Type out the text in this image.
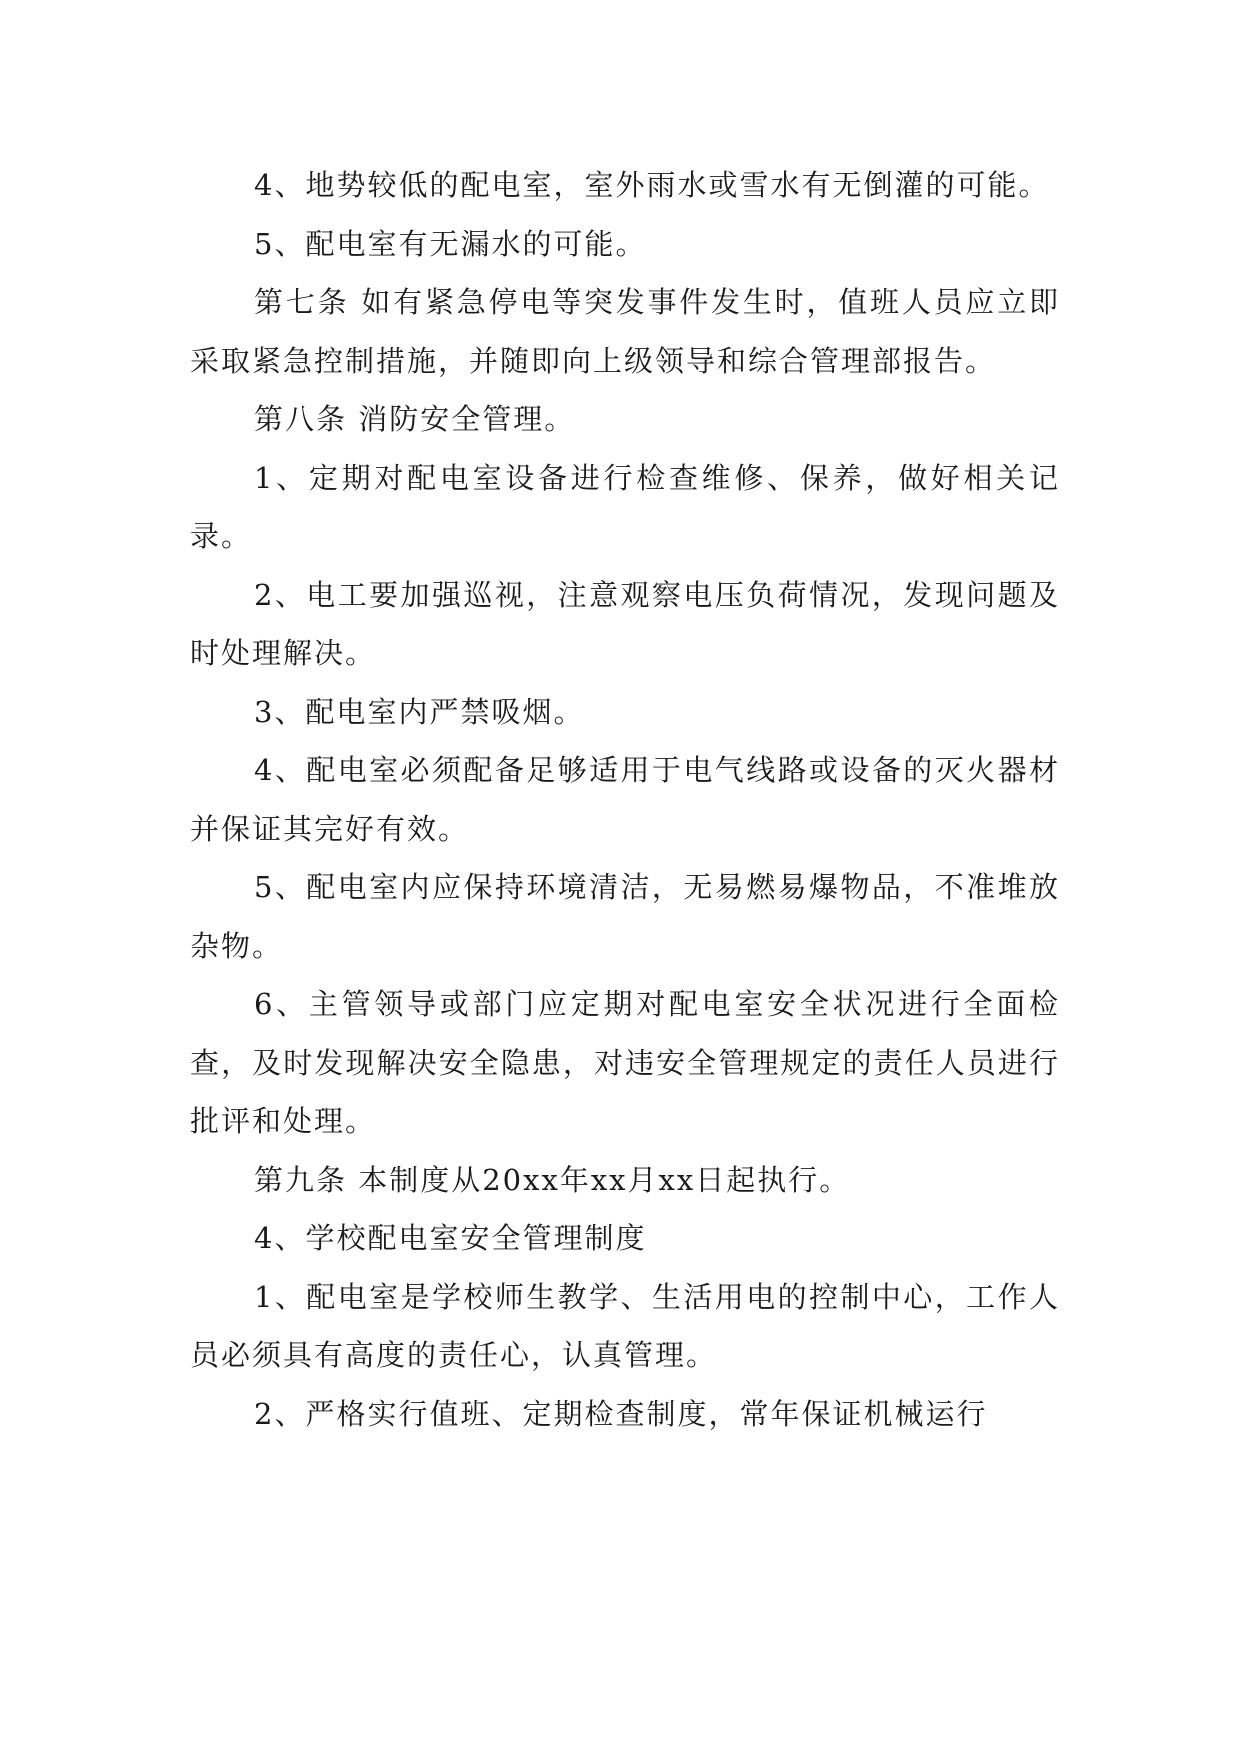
4、地势较低的配电室，室外雨水或雪水有无倒灌的可能。

5、配电室有无漏水的可能。

第七条 如有紧急停电等突发事件发生时，值班人员应立即采取紧急控制措施，并随即向上级领导和综合管理部报告。

第八条 消防安全管理。

1、定期对配电室设备进行检查维修、保养，做好相关记录。

2、电工要加强巡视，注意观察电压负荷情况，发现问题及时处理解决。

3、配电室内严禁吸烟。

4、配电室必须配备足够适用于电气线路或设备的灭火器材并保证其完好有效。

5、配电室内应保持环境清洁，无易燃易爆物品，不准堆放杂物。

6、主管领导或部门应定期对配电室安全状况进行全面检查，及时发现解决安全隐患，对违安全管理规定的责任人员进行批评和处理。

第九条 本制度从20xx年xx月xx日起执行。

4、学校配电室安全管理制度

1、配电室是学校师生教学、生活用电的控制中心，工作人员必须具有高度的责任心，认真管理。

2、严格实行值班、定期检查制度，常年保证机械运行
